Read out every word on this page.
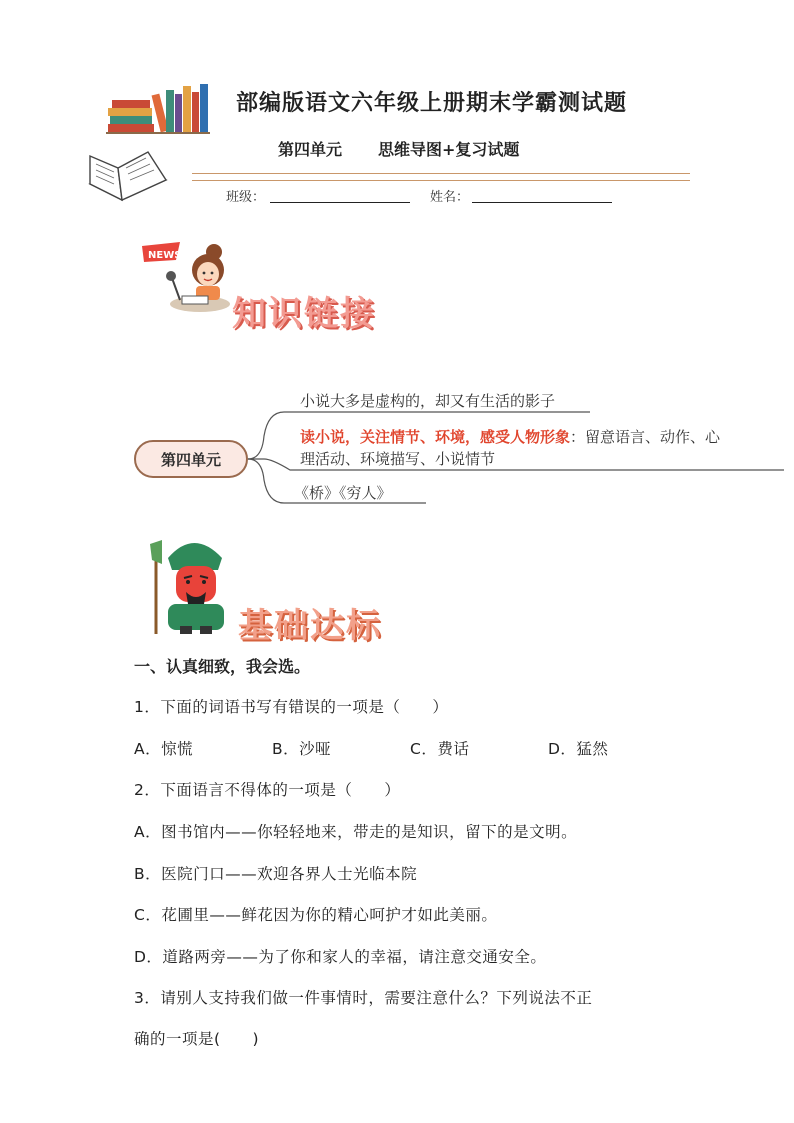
部编版语文六年级上册期末学霸测试题
第四单元 思维导图+复习试题
班级：	姓名：
NEWS
知识链接
第四单元
小说大多是虚构的，却又有生活的影子
读小说，关注情节、环境，感受人物形象：留意语言、动作、心
理活动、环境描写、小说情节
《桥》《穷人》
基础达标
一、认真细致，我会选。
1．下面的词语书写有错误的一项是（　　）
A．惊慌	B．沙哑	C．费话	D．猛然
2．下面语言不得体的一项是（　　）
A．图书馆内——你轻轻地来，带走的是知识，留下的是文明。
B．医院门口——欢迎各界人士光临本院
C．花圃里——鲜花因为你的精心呵护才如此美丽。
D．道路两旁——为了你和家人的幸福，请注意交通安全。
3．请别人支持我们做一件事情时，需要注意什么？下列说法不正
确的一项是(　　)
